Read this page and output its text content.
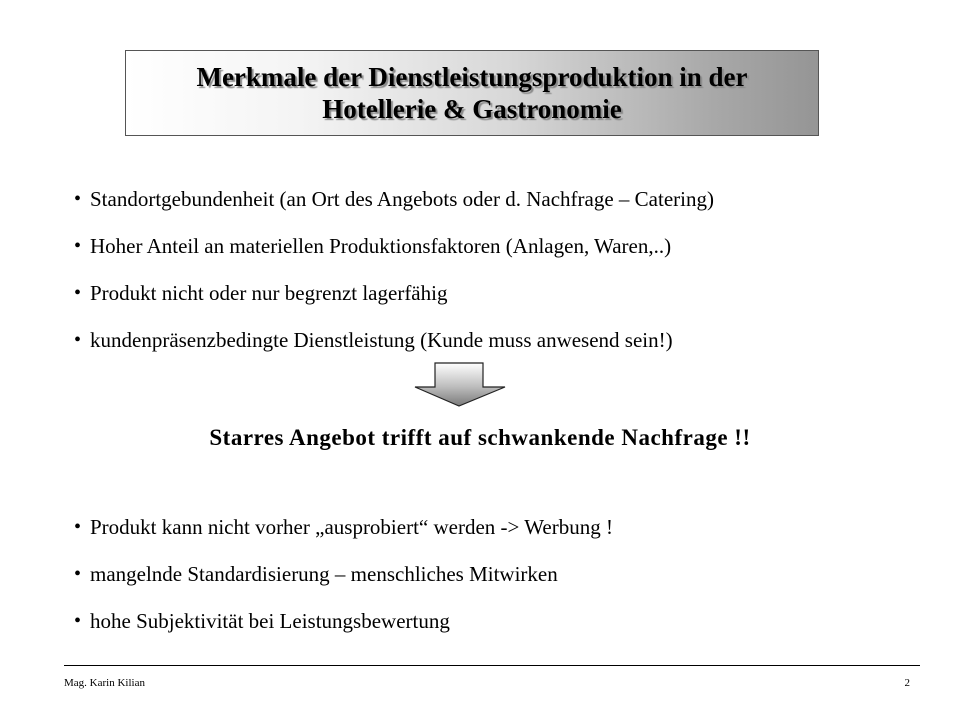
Merkmale der Dienstleistungsproduktion in der
Hotellerie & Gastronomie
• Standortgebundenheit (an Ort des Angebots oder d. Nachfrage – Catering)
• Hoher Anteil an materiellen Produktionsfaktoren (Anlagen, Waren,..)
• Produkt nicht oder nur begrenzt lagerfähig
• kundenpräsenzbedingte Dienstleistung (Kunde muss anwesend sein!)
Starres Angebot trifft auf schwankende Nachfrage !!
• Produkt kann nicht vorher „ausprobiert“ werden -> Werbung !
• mangelnde Standardisierung – menschliches Mitwirken
• hohe Subjektivität bei Leistungsbewertung
Mag. Karin Kilian	2
